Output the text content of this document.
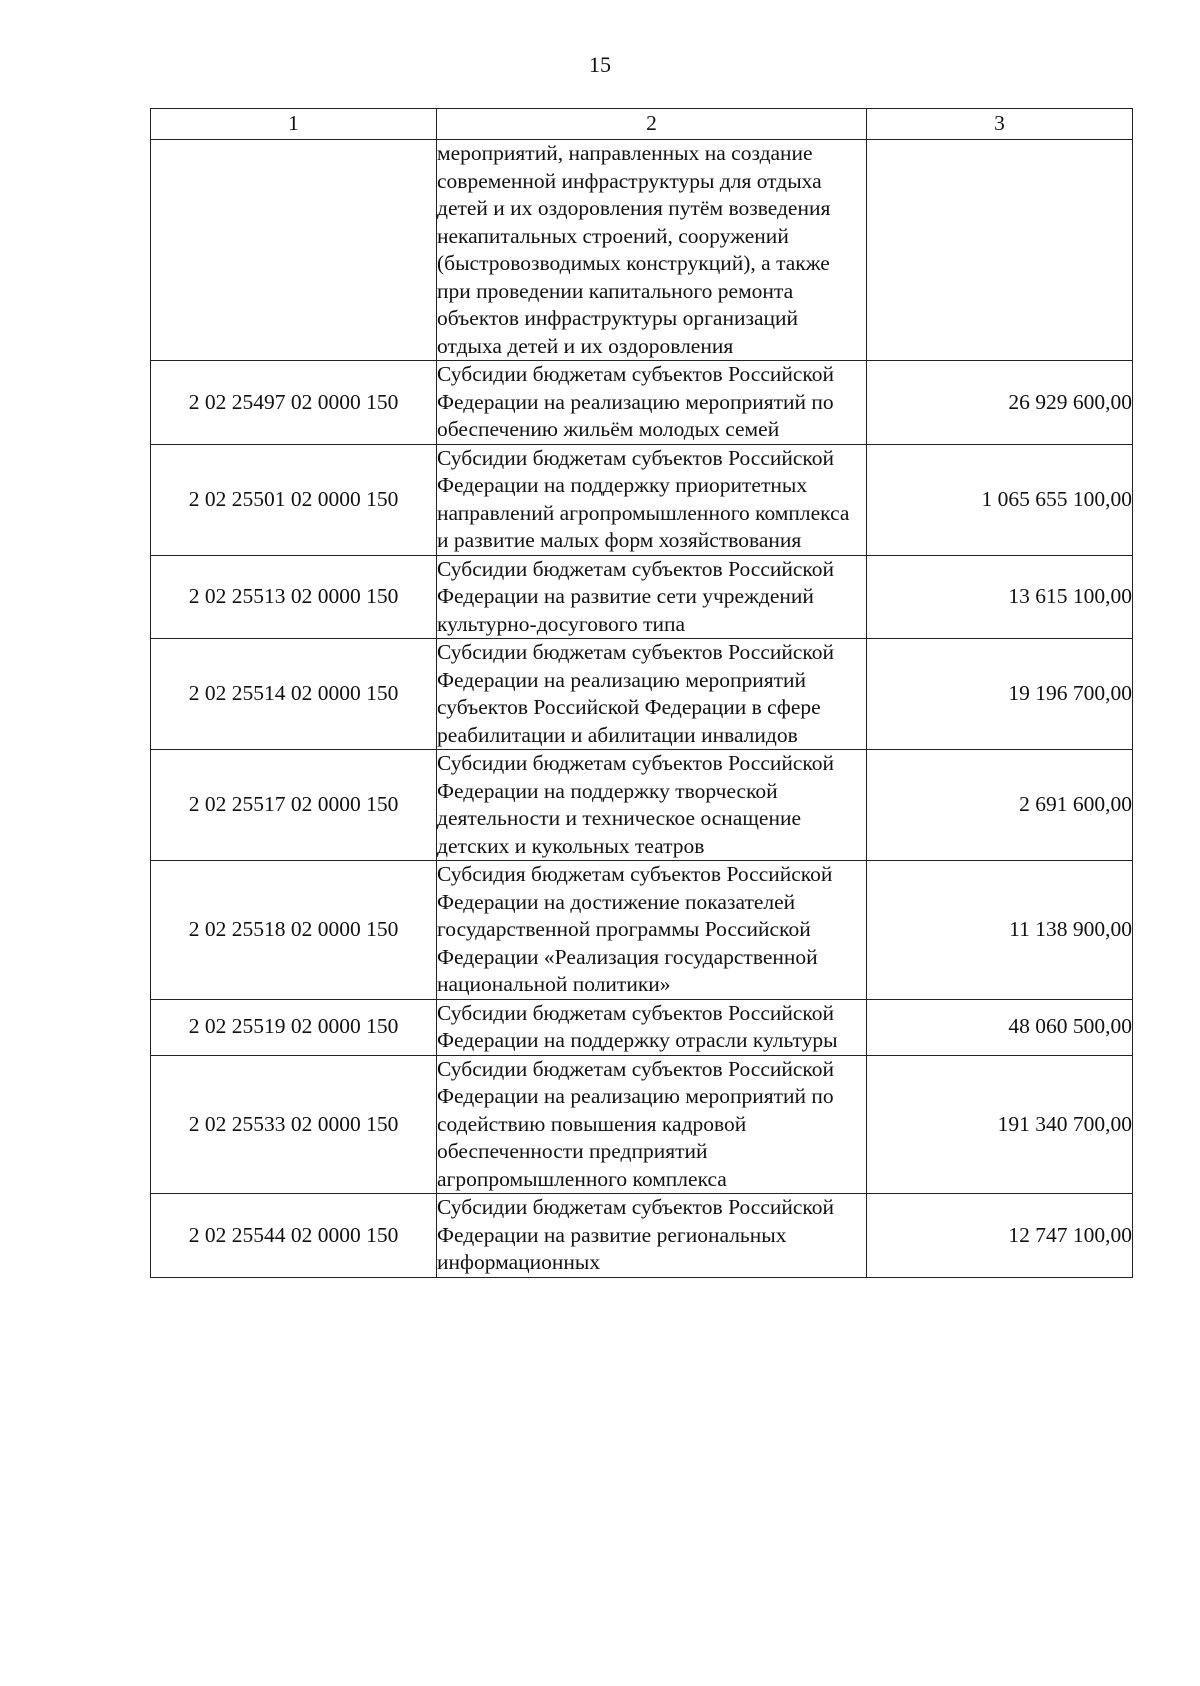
15
1	2	3
	мероприятий, направленных на создание современной инфраструктуры для отдыха детей и их оздоровления путём возведения некапитальных строений, сооружений (быстровозводимых конструкций), а также при проведении капитального ремонта объектов инфраструктуры организаций отдыха детей и их оздоровления	
2 02 25497 02 0000 150	Субсидии бюджетам субъектов Российской Федерации на реализацию мероприятий по обеспечению жильём молодых семей	26 929 600,00
2 02 25501 02 0000 150	Субсидии бюджетам субъектов Российской Федерации на поддержку приоритетных направлений агропромышленного комплекса и развитие малых форм хозяйствования	1 065 655 100,00
2 02 25513 02 0000 150	Субсидии бюджетам субъектов Российской Федерации на развитие сети учреждений культурно-досугового типа	13 615 100,00
2 02 25514 02 0000 150	Субсидии бюджетам субъектов Российской Федерации на реализацию мероприятий субъектов Российской Федерации в сфере реабилитации и абилитации инвалидов	19 196 700,00
2 02 25517 02 0000 150	Субсидии бюджетам субъектов Российской Федерации на поддержку творческой деятельности и техническое оснащение детских и кукольных театров	2 691 600,00
2 02 25518 02 0000 150	Субсидия бюджетам субъектов Российской Федерации на достижение показателей государственной программы Российской Федерации «Реализация государственной национальной политики»	11 138 900,00
2 02 25519 02 0000 150	Субсидии бюджетам субъектов Российской Федерации на поддержку отрасли культуры	48 060 500,00
2 02 25533 02 0000 150	Субсидии бюджетам субъектов Российской Федерации на реализацию мероприятий по содействию повышения кадровой обеспеченности предприятий агропромышленного комплекса	191 340 700,00
2 02 25544 02 0000 150	Субсидии бюджетам субъектов Российской Федерации на развитие региональных информационных	12 747 100,00
